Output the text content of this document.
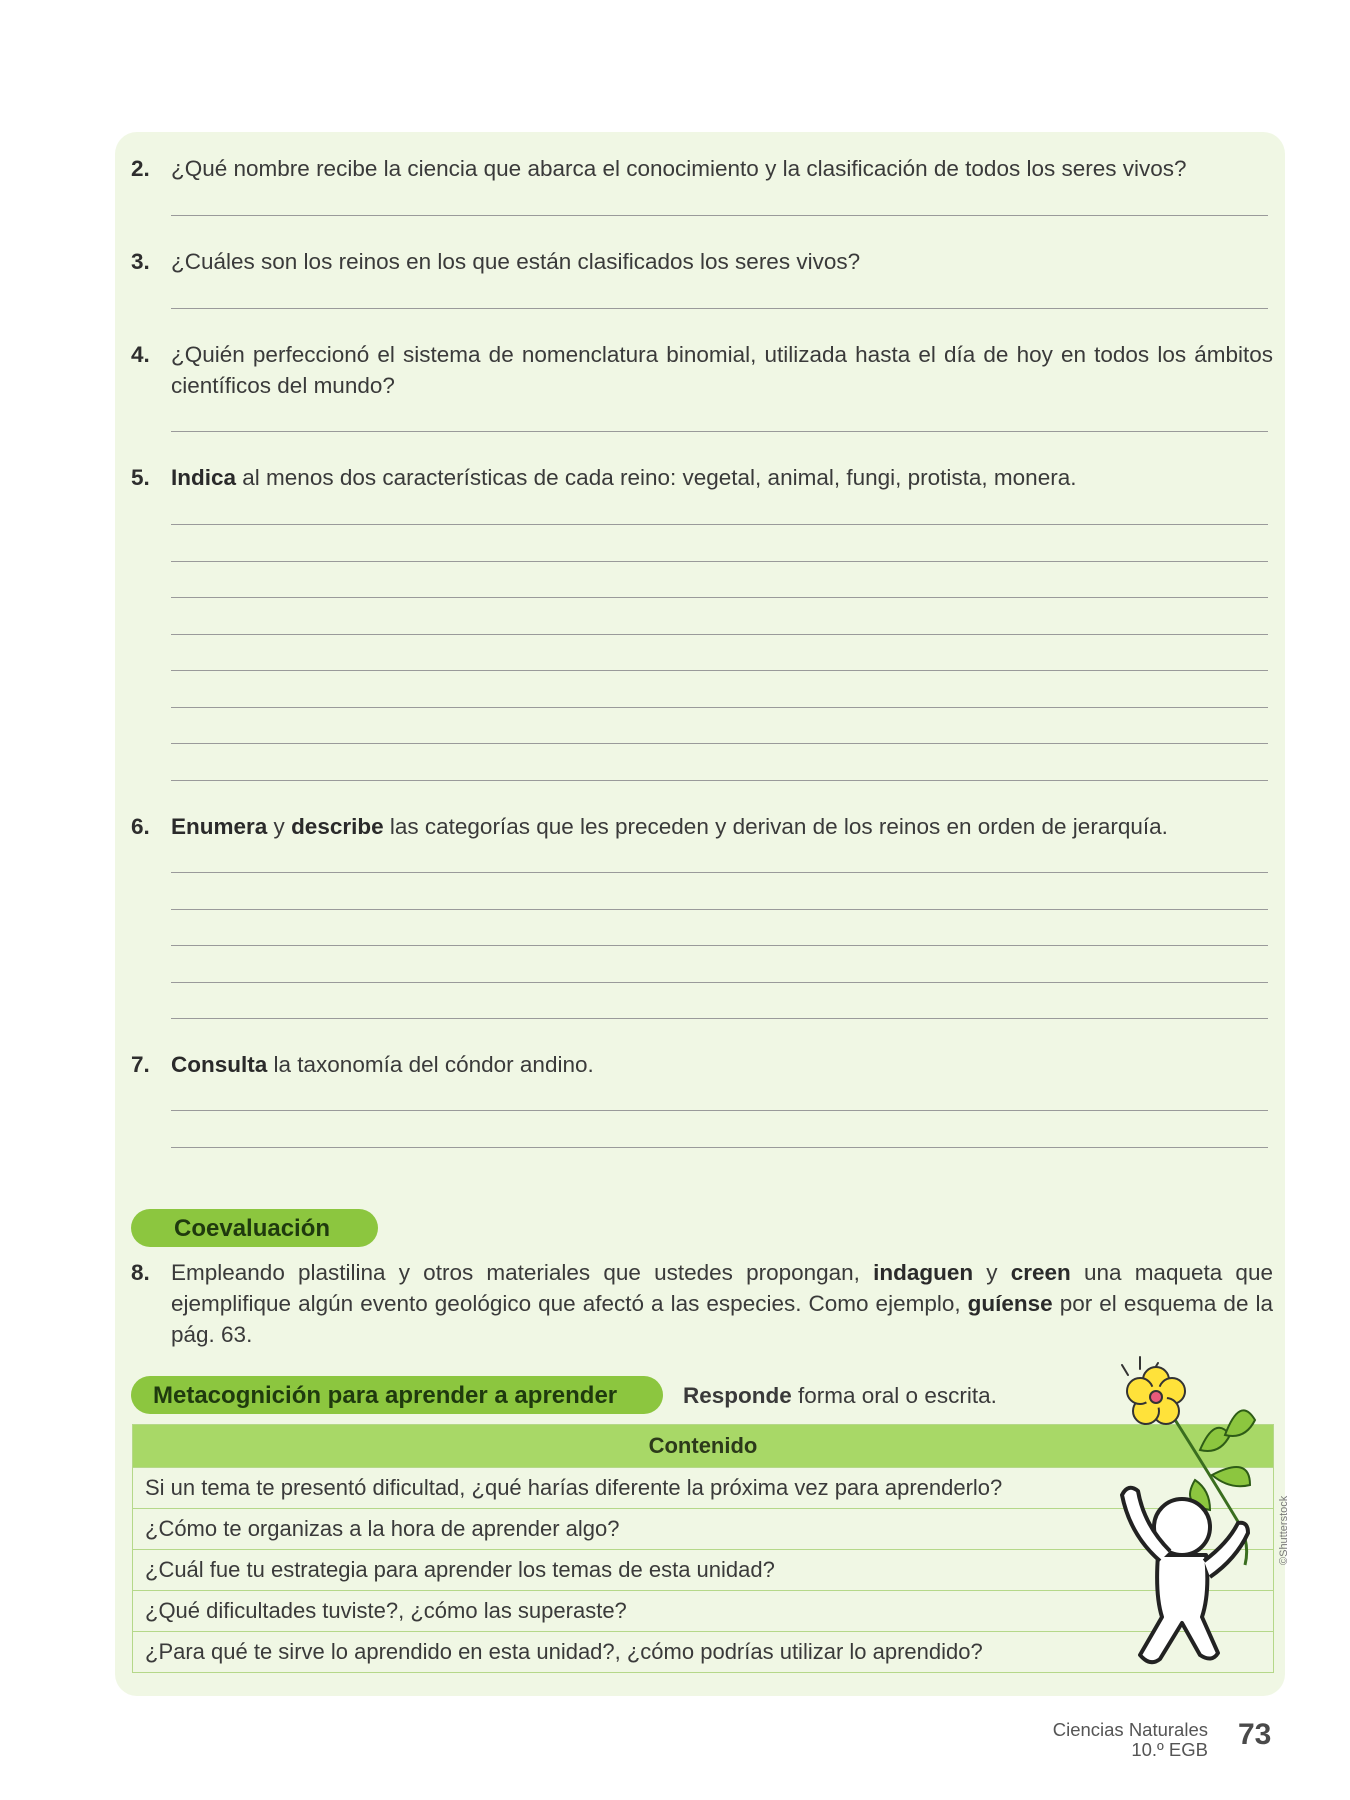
2. ¿Qué nombre recibe la ciencia que abarca el conocimiento y la clasificación de todos los seres vivos?
3. ¿Cuáles son los reinos en los que están clasificados los seres vivos?
4. ¿Quién perfeccionó el sistema de nomenclatura binomial, utilizada hasta el día de hoy en todos los ámbitos científicos del mundo?
5. Indica al menos dos características de cada reino: vegetal, animal, fungi, protista, monera.
6. Enumera y describe las categorías que les preceden y derivan de los reinos en orden de jerarquía.
7. Consulta la taxonomía del cóndor andino.
Coevaluación
8. Empleando plastilina y otros materiales que ustedes propongan, indaguen y creen una maqueta que ejemplifique algún evento geológico que afectó a las especies. Como ejemplo, guíense por el esquema de la pág. 63.
Metacognición para aprender a aprender	Responde forma oral o escrita.
Contenido
Si un tema te presentó dificultad, ¿qué harías diferente la próxima vez para aprenderlo?
¿Cómo te organizas a la hora de aprender algo?
¿Cuál fue tu estrategia para aprender los temas de esta unidad?
¿Qué dificultades tuviste?, ¿cómo las superaste?
¿Para qué te sirve lo aprendido en esta unidad?, ¿cómo podrías utilizar lo aprendido?
©Shutterstock
Ciencias Naturales
10.º EGB 73
